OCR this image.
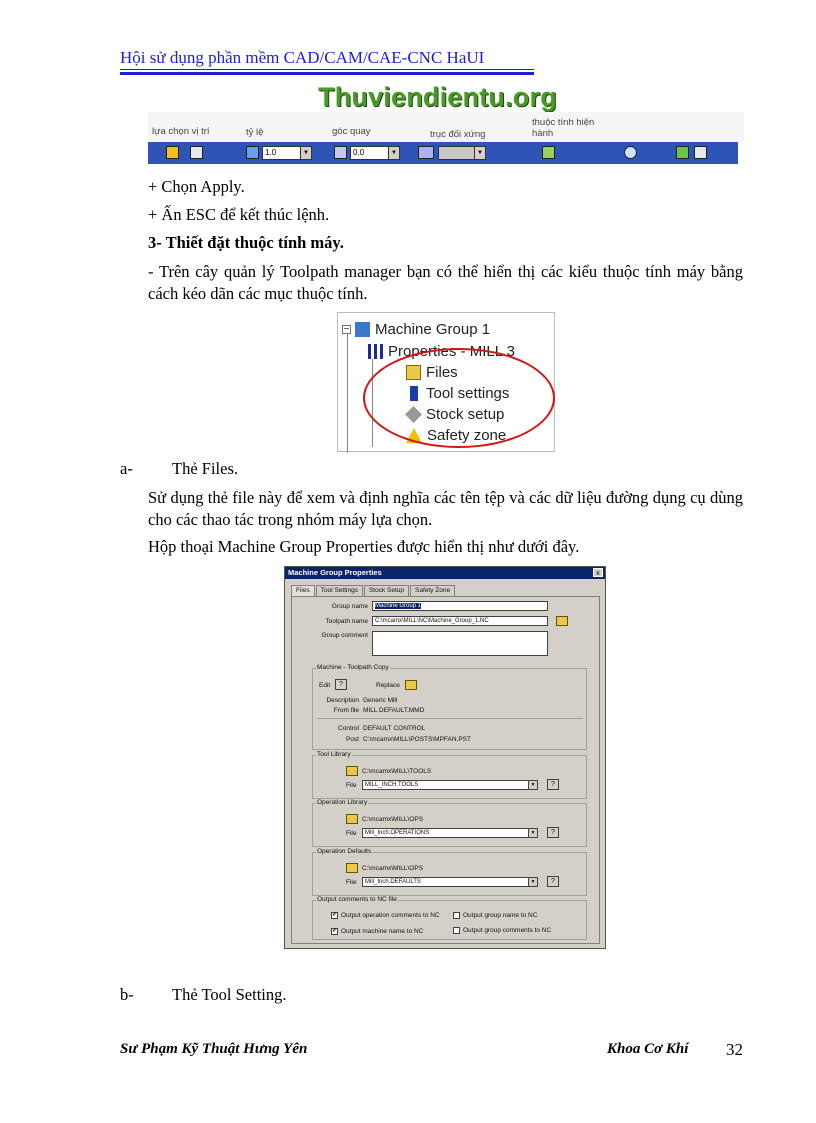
Hội sử dụng phần mềm CAD/CAM/CAE-CNC HaUI
Thuviendientu.org
lựa chọn vị trí	tỷ lệ	góc quay	trục đối xứng
thuộc tính hiện
hành
1.0	▼	0.0	▼	▼
+ Chọn Apply.
+ Ấn ESC để kết thúc lệnh.
3- Thiết đặt thuộc tính máy.
- Trên cây quản lý Toolpath manager bạn có thể hiển thị các kiểu thuộc tính máy bằng cách kéo dãn các mục thuộc tính.
− Machine Group 1
Properties - MILL 3
Files
Tool settings
Stock setup
Safety zone
a- Thẻ Files.
Sử dụng thẻ file này để xem và định nghĩa các tên tệp và các dữ liệu đường dụng cụ dùng cho các thao tác trong nhóm máy lựa chọn.
Hộp thoại Machine Group Properties được hiển thị như dưới đây.
Machine Group Properties	x
Files	Tool Settings	Stock Setup	Safety Zone
Group name	Machine Group 1
Toolpath name	C:\mcamx\MILL\NC\Machine_Group_1.NC
Group comment
Machine - Toolpath Copy
Edit	?	Replace
Description Generic Mill
From file MILL DEFAULT.MMD
Control DEFAULT CONTROL
Post C:\mcamx\MILL\POSTS\MPFAN.PST
Tool Library
C:\mcamx\MILL\TOOLS
File	MILL_INCH.TOOLS	▼	?
Operation Library
C:\mcamx\MILL\OPS
File	Mill_Inch.OPERATIONS	▼	?
Operation Defaults
C:\mcamx\MILL\OPS
File	Mill_Inch.DEFAULTS	▼	?
Output comments to NC file
✔ Output operation comments to NC	Output group name to NC
✔ Output machine name to NC	Output group comments to NC
b- Thẻ Tool Setting.
Sư Phạm Kỹ Thuật Hưng Yên	Khoa Cơ Khí 32
